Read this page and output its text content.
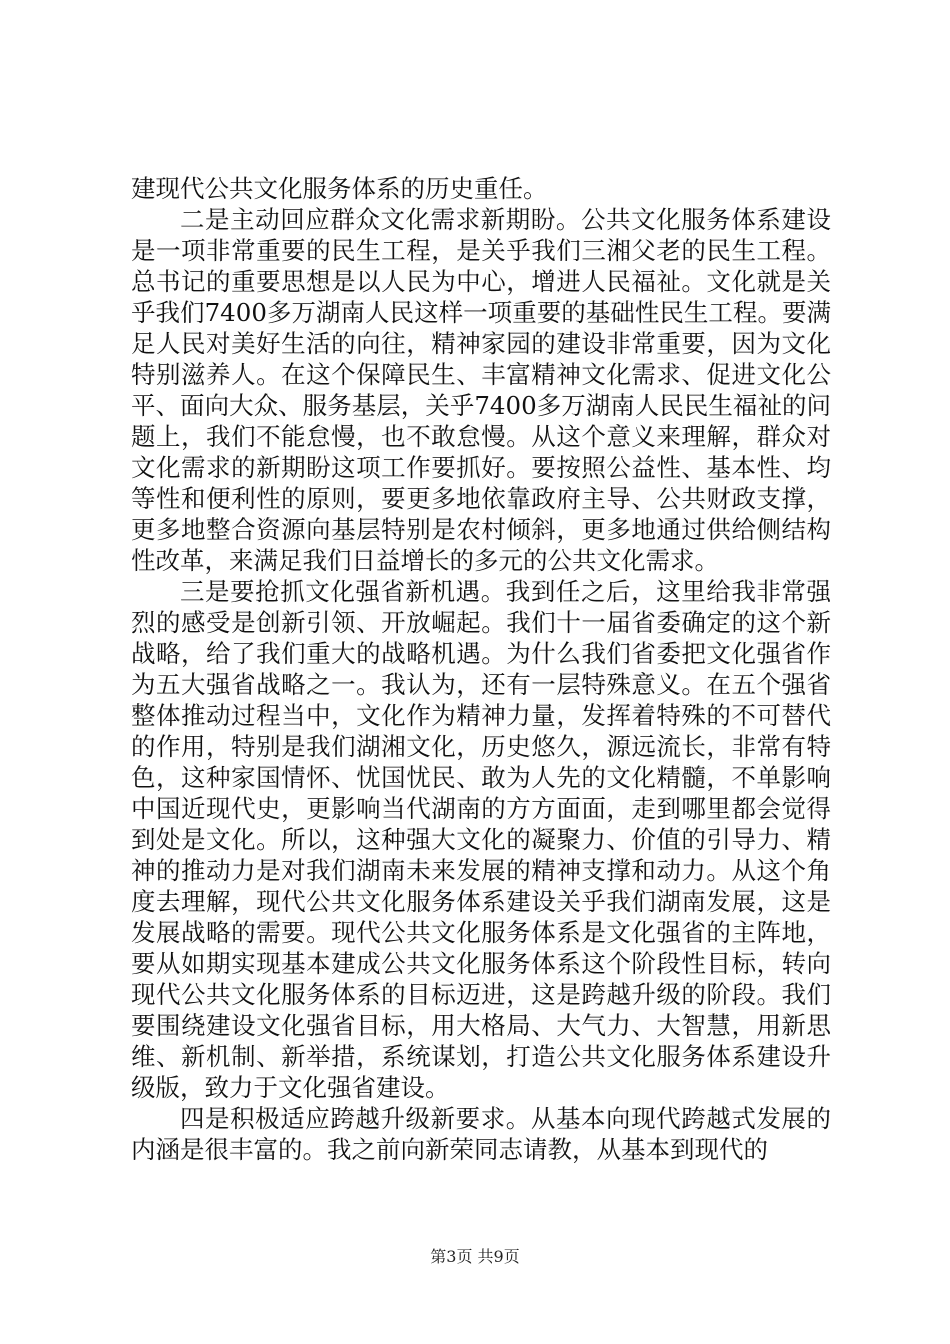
建现代公共文化服务体系的历史重任。

二是主动回应群众文化需求新期盼。公共文化服务体系建设是一项非常重要的民生工程，是关乎我们三湘父老的民生工程。总书记的重要思想是以人民为中心，增进人民福祉。文化就是关乎我们7400多万湖南人民这样一项重要的基础性民生工程。要满足人民对美好生活的向往，精神家园的建设非常重要，因为文化特别滋养人。在这个保障民生、丰富精神文化需求、促进文化公平、面向大众、服务基层，关乎7400多万湖南人民民生福祉的问题上，我们不能怠慢，也不敢怠慢。从这个意义来理解，群众对文化需求的新期盼这项工作要抓好。要按照公益性、基本性、均等性和便利性的原则，要更多地依靠政府主导、公共财政支撑，更多地整合资源向基层特别是农村倾斜，更多地通过供给侧结构性改革，来满足我们日益增长的多元的公共文化需求。

三是要抢抓文化强省新机遇。我到任之后，这里给我非常强烈的感受是创新引领、开放崛起。我们十一届省委确定的这个新战略，给了我们重大的战略机遇。为什么我们省委把文化强省作为五大强省战略之一。我认为，还有一层特殊意义。在五个强省整体推动过程当中，文化作为精神力量，发挥着特殊的不可替代的作用，特别是我们湖湘文化，历史悠久，源远流长，非常有特色，这种家国情怀、忧国忧民、敢为人先的文化精髓，不单影响中国近现代史，更影响当代湖南的方方面面，走到哪里都会觉得到处是文化。所以，这种强大文化的凝聚力、价值的引导力、精神的推动力是对我们湖南未来发展的精神支撑和动力。从这个角度去理解，现代公共文化服务体系建设关乎我们湖南发展，这是发展战略的需要。现代公共文化服务体系是文化强省的主阵地，要从如期实现基本建成公共文化服务体系这个阶段性目标，转向现代公共文化服务体系的目标迈进，这是跨越升级的阶段。我们要围绕建设文化强省目标，用大格局、大气力、大智慧，用新思维、新机制、新举措，系统谋划，打造公共文化服务体系建设升级版，致力于文化强省建设。

四是积极适应跨越升级新要求。从基本向现代跨越式发展的内涵是很丰富的。我之前向新荣同志请教，从基本到现代的

第3页 共9页
